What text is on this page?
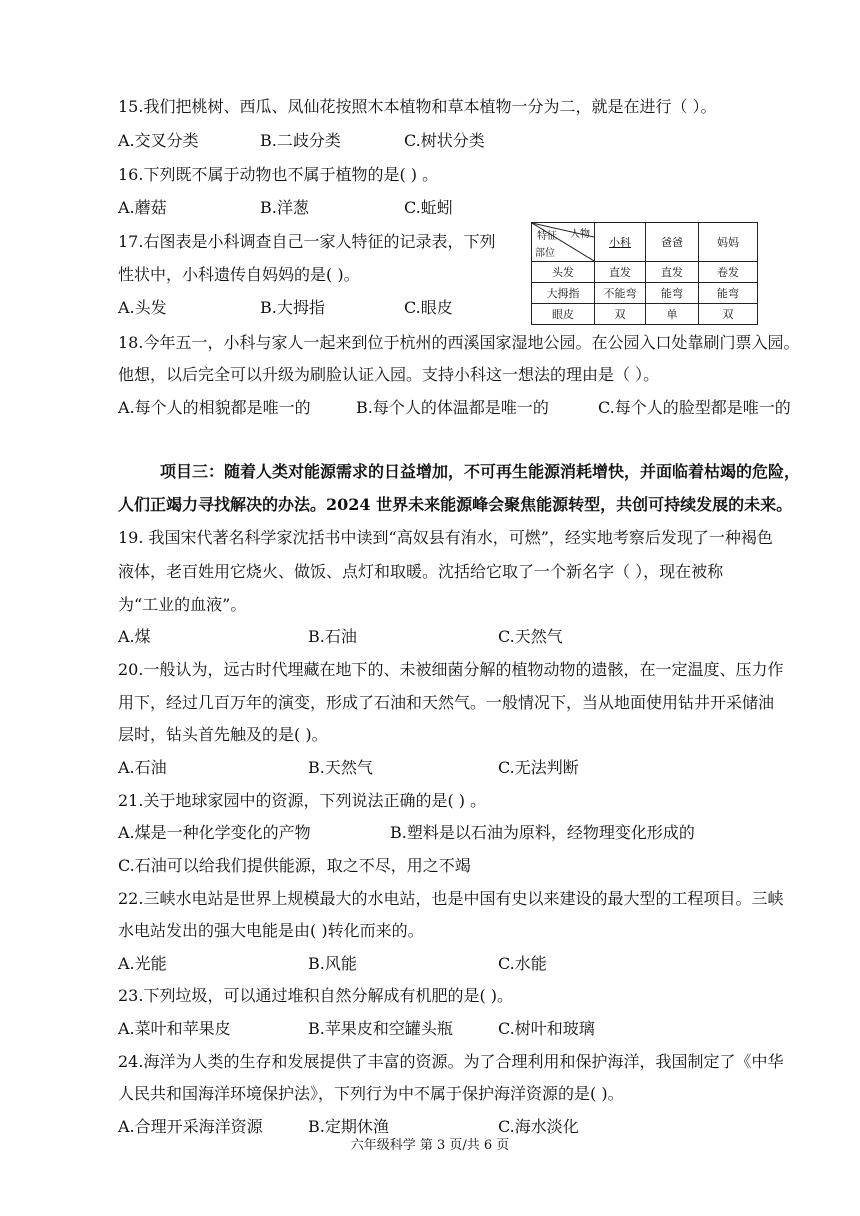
15.我们把桃树、西瓜、凤仙花按照木本植物和草本植物一分为二，就是在进行（ ）。
A.交叉分类	B.二歧分类	C.树状分类
16.下列既不属于动物也不属于植物的是( ) 。
A.蘑菇	B.洋葱	C.蚯蚓
17.右图表是小科调查自己一家人特征的记录表，下列
性状中，小科遗传自妈妈的是( )。
A.头发	B.大拇指	C.眼皮
人物
特征
部位	小科	爸爸	妈妈
头发	直发	直发	卷发
大拇指	不能弯	能弯	能弯
眼皮	双	单	双
18.今年五一，小科与家人一起来到位于杭州的西溪国家湿地公园。在公园入口处靠刷门票入园。
他想，以后完全可以升级为刷脸认证入园。支持小科这一想法的理由是（ ）。
A.每个人的相貌都是唯一的	B.每个人的体温都是唯一的	C.每个人的脸型都是唯一的
项目三：随着人类对能源需求的日益增加，不可再生能源消耗增快，并面临着枯竭的危险，
人们正竭力寻找解决的办法。2024 世界未来能源峰会聚焦能源转型，共创可持续发展的未来。
19. 我国宋代著名科学家沈括书中读到“高奴县有洧水，可燃”，经实地考察后发现了一种褐色
液体，老百姓用它烧火、做饭、点灯和取暖。沈括给它取了一个新名字（ ），现在被称
为“工业的血液”。
A.煤	B.石油	C.天然气
20.一般认为，远古时代埋藏在地下的、未被细菌分解的植物动物的遗骸，在一定温度、压力作
用下，经过几百万年的演变，形成了石油和天然气。一般情况下，当从地面使用钻井开采储油
层时，钻头首先触及的是( )。
A.石油	B.天然气	C.无法判断
21.关于地球家园中的资源，下列说法正确的是( ) 。
A.煤是一种化学变化的产物	B.塑料是以石油为原料，经物理变化形成的
C.石油可以给我们提供能源，取之不尽，用之不竭
22.三峡水电站是世界上规模最大的水电站，也是中国有史以来建设的最大型的工程项目。三峡
水电站发出的强大电能是由( )转化而来的。
A.光能	B.风能	C.水能
23.下列垃圾，可以通过堆积自然分解成有机肥的是( )。
A.菜叶和苹果皮	B.苹果皮和空罐头瓶	C.树叶和玻璃
24.海洋为人类的生存和发展提供了丰富的资源。为了合理利用和保护海洋，我国制定了《中华
人民共和国海洋环境保护法》，下列行为中不属于保护海洋资源的是( )。
A.合理开采海洋资源	B.定期休渔	C.海水淡化
六年级科学 第 3 页/共 6 页
